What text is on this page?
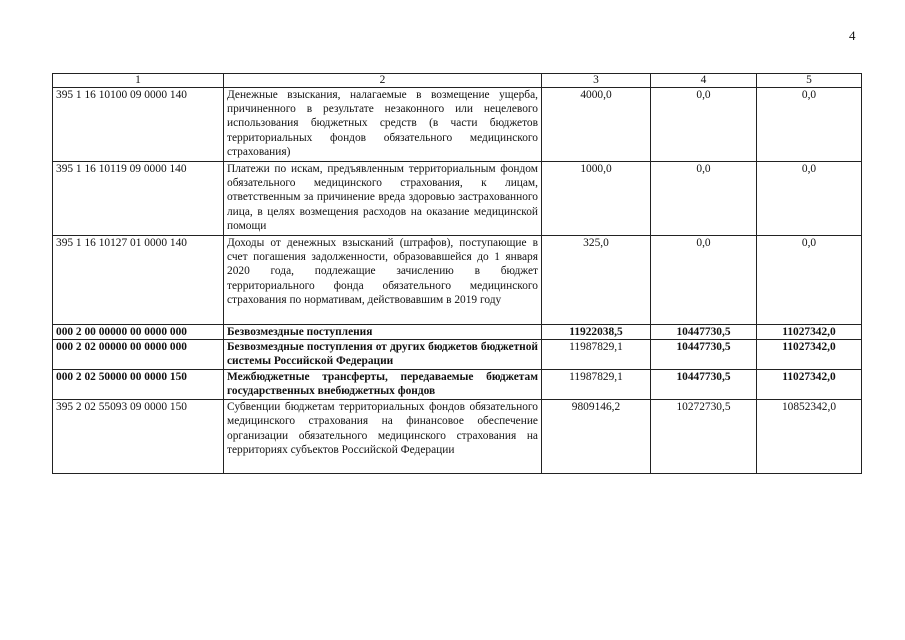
4
1	2	3	4	5
395 1 16 10100 09 0000 140	Денежные взыскания, налагаемые в возмещение ущерба, причиненного в результате незаконного или нецелевого использования бюджетных средств (в части бюджетов территориальных фондов обязательного медицинского страхования)	4000,0	0,0	0,0
395 1 16 10119 09 0000 140	Платежи по искам, предъявленным территориальным фондом обязательного медицинского страхования, к лицам, ответственным за причинение вреда здоровью застрахованного лица, в целях возмещения расходов на оказание медицинской помощи	1000,0	0,0	0,0
395 1 16 10127 01 0000 140	Доходы от денежных взысканий (штрафов), поступающие в счет погашения задолженности, образовавшейся до 1 января 2020 года, подлежащие зачислению в бюджет территориального фонда обязательного медицинского страхования по нормативам, действовавшим в 2019 году	325,0	0,0	0,0
000 2 00 00000 00 0000 000	Безвозмездные поступления	11922038,5	10447730,5	11027342,0
000 2 02 00000 00 0000 000	Безвозмездные поступления от других бюджетов бюджетной системы Российской Федерации	11987829,1	10447730,5	11027342,0
000 2 02 50000 00 0000 150	Межбюджетные трансферты, передаваемые бюджетам государственных внебюджетных фондов	11987829,1	10447730,5	11027342,0
395 2 02 55093 09 0000 150	Субвенции бюджетам территориальных фондов обязательного медицинского страхования на финансовое обеспечение организации обязательного медицинского страхования на территориях субъектов Российской Федерации	9809146,2	10272730,5	10852342,0
